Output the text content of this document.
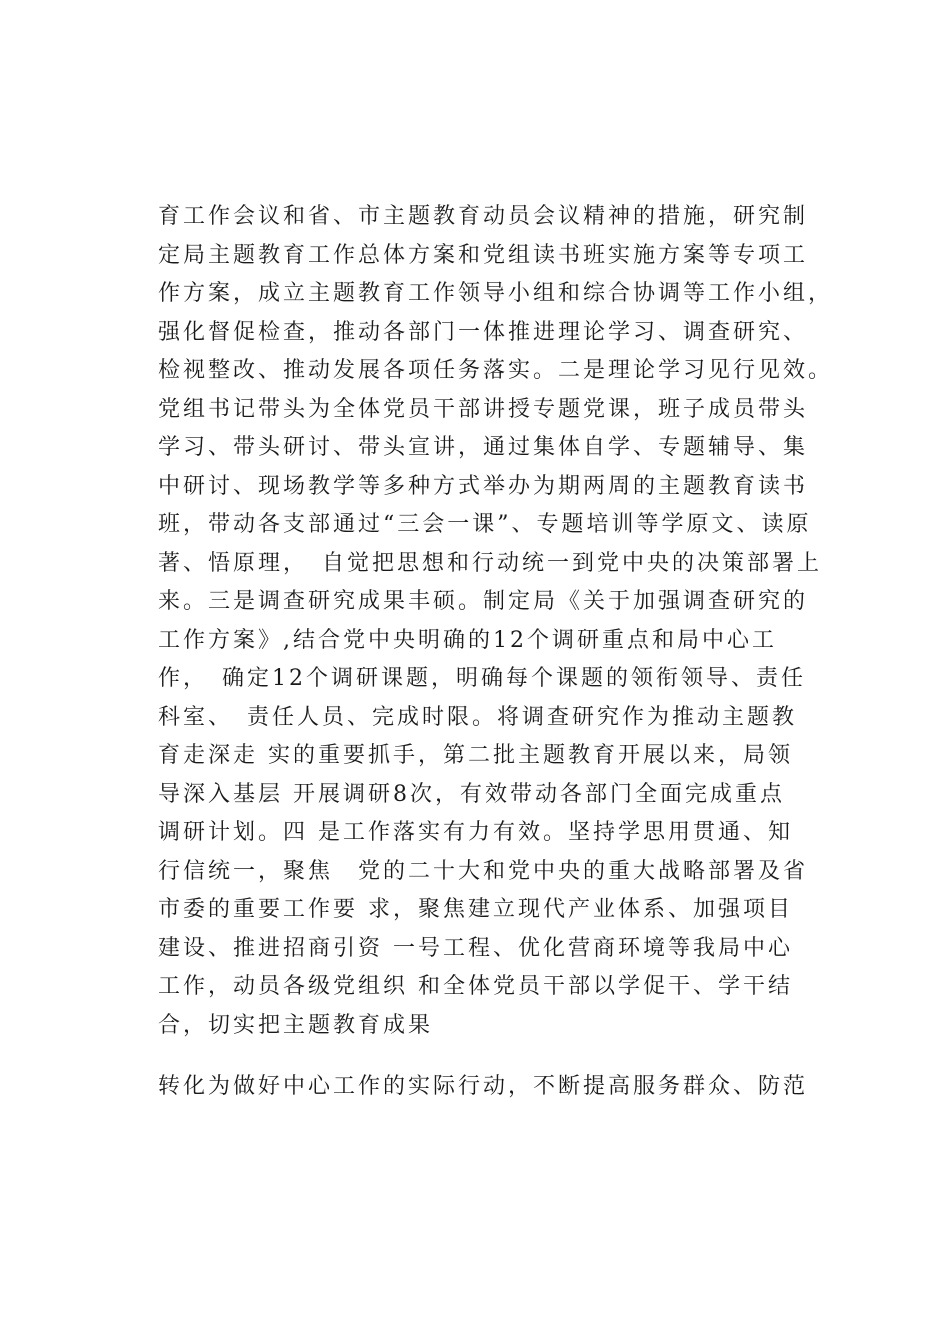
育工作会议和省、市主题教育动员会议精神的措施，研究制

定局主题教育工作总体方案和党组读书班实施方案等专项工

作方案，成立主题教育工作领导小组和综合协调等工作小组，

强化督促检查，推动各部门一体推进理论学习、调查研究、

检视整改、推动发展各项任务落实。二是理论学习见行见效。

党组书记带头为全体党员干部讲授专题党课，班子成员带头

学习、带头研讨、带头宣讲，通过集体自学、专题辅导、集

中研讨、现场教学等多种方式举办为期两周的主题教育读书

班，带动各支部通过“三会一课”、专题培训等学原文、读原

著、悟原理，　自觉把思想和行动统一到党中央的决策部署上

来。三是调查研究成果丰硕。制定局《关于加强调查研究的

工作方案》,结合党中央明确的12个调研重点和局中心工

作，　确定12个调研课题，明确每个课题的领衔领导、责任

科室、　责任人员、完成时限。将调查研究作为推动主题教

育走深走 实的重要抓手，第二批主题教育开展以来，局领

导深入基层 开展调研8次，有效带动各部门全面完成重点

调研计划。四 是工作落实有力有效。坚持学思用贯通、知

行信统一，聚焦　党的二十大和党中央的重大战略部署及省

市委的重要工作要 求，聚焦建立现代产业体系、加强项目

建设、推进招商引资 一号工程、优化营商环境等我局中心

工作，动员各级党组织 和全体党员干部以学促干、学干结

合，切实把主题教育成果

转化为做好中心工作的实际行动，不断提高服务群众、防范
